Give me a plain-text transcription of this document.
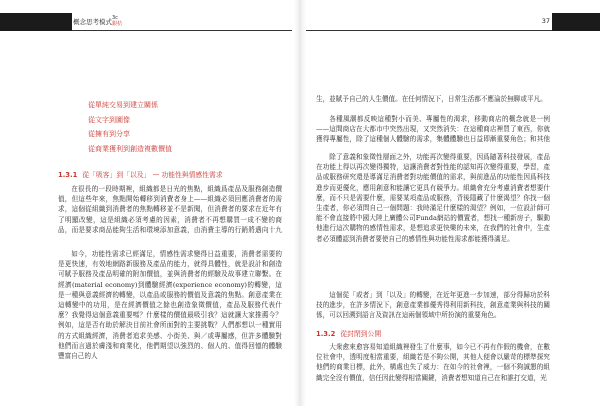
概念思考模式 3c
銀桔
從單純交易到建立關係
從文字到圖像
從擁有到分享
從商業獲利到創造複數價值
1.3.1 從「吸客」到「以及」 — 功能性與情感性需求
在很長的一段時期裡，組織都是日光的焦點，組織爲產品及服務創造價值，但這些年來，焦點開始轉移到消費者身上——組織必須回應消費者的需求，這個從組織到消費者的焦點轉移並不是新聞，但消費者的要求在近年有了明顯改變，這是組織必須考慮的因素，消費者不再想購買一成不變的商品，而是要求商品能夠生活和環境添加意義，由消費主導的行銷將邁向十九
如今，功能性需求已經滿足，情感性需求變得日益重要，消費者需要的是更快速，有效地網路新服務及產品的能力，就得具體性，就是設計和創造可賦予服務及產品明確的附加價值，並與消費者的經驗及故事建立聯繫。在經濟(material economy)到體驗經濟(experience economy)的轉變，這是一種與意義經濟的轉變，以產品或服務的價值及意義的焦點。創意產業在這轉變中的功用，是在經濟價值之餘也創造象徵價值，產品及服務代表什麼？我覺得這個意義重要嗎？什麼樣的價值最吸引我？這就讓大家推薦今？例如，這是否有助於解決目前社會所面對的主要挑戰？人們都想以一種實用的方式組織經濟，消費者追求美感、小街美、與／或專屬感，但許多體驗對他們而言過於膚淺和商業化，他們期望以強烈的、個人的、值得回憶的體驗豐富自己的人
37
生，並賦予自己的人生價值。在任何情況下，日常生活都不應淪於無聊或平凡。
各種風潮都反映這種對小而美、專屬性的渴求，移動商店的概念就是一例——這間商店在大都市中突然出現，又突然消失：在這種商店裡買了東西，你就獲得專屬性，除了這種個人體驗的需求，集體體驗也日益即漸重要角色；和其他
除了意義和象徵性層面之外，功能再次變得重要，因爲隨著科技發展，產品在功能上得以再次變得獨特，這讓消費者對性能的認知再次變得重要，學習，產品或服務研究還是導滿足消費者對功能價值的需求，與前進品的功能性因爲科技進步而更優化，應用創意和能讓它更具有競爭力。組織會充分考慮消費者想要什麼，而不只是需要什麼，需要某項產品或服務，背後隱藏了什麼渴望？你找一個生產者，你必須問自己一個問題：我時滿足什麼樣的渴望？例如，一位設計師可能不會直接將中國大陸上廣體公司Funda網站的價置者，想找一種新房子，驅動他進行這次購物的感情性需求，是想追求更快樂的未來，在我們的社會中，生產者必須體認到消費者要使自己的感情性與功能性需求都能獲得滿足。
這個從「或者」到「以及」的轉變，在近年更進一步加速，部分得歸功於科技的進步，在許多情況下，創意產業都優秀得利用新科技，創意產業與科技的關係，可以回溯到語言及資訊在這兩個領域中所扮演的重要角色。
1.3.2 從封閉到公開
大衆愈來愈容易知道組織裡發生了什麼事，如今已不再有作假的機會，在數位社會中，透明度相當重要，組織若是不夠公開，其他人便會以嚴苛的標準探究他們的商業目標，此外，構處也失了威力：在如今的社會裡，一個不夠誠懇的組織完全沒有價值，信任因此變得相當關鍵，消費者想知道自己在和誰打交道，光
